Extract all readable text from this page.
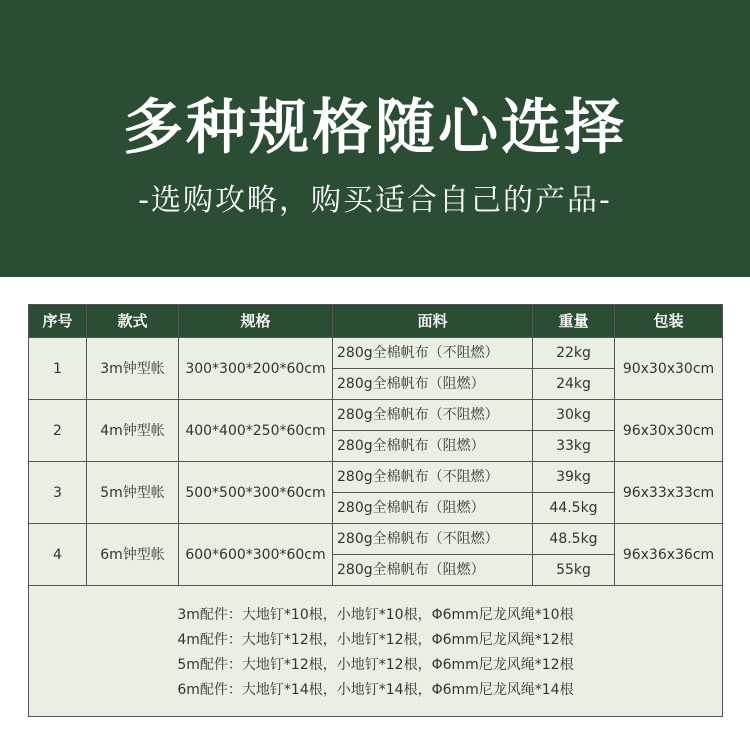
多种规格随心选择
-选购攻略，购买适合自己的产品-
序号	款式	规格	面料	重量	包装
1	3m钟型帐	300*300*200*60cm	280g全棉帆布（不阻燃）	22kg	90x30x30cm
			280g全棉帆布（阻燃）	24kg	
2	4m钟型帐	400*400*250*60cm	280g全棉帆布（不阻燃）	30kg	96x30x30cm
			280g全棉帆布（阻燃）	33kg	
3	5m钟型帐	500*500*300*60cm	280g全棉帆布（不阻燃）	39kg	96x33x33cm
			280g全棉帆布（阻燃）	44.5kg	
4	6m钟型帐	600*600*300*60cm	280g全棉帆布（不阻燃）	48.5kg	96x36x36cm
			280g全棉帆布（阻燃）	55kg	

3m配件：大地钉*10根，小地钉*10根，Φ6mm尼龙风绳*10根
4m配件：大地钉*12根，小地钉*12根，Φ6mm尼龙风绳*12根
5m配件：大地钉*12根，小地钉*12根，Φ6mm尼龙风绳*12根
6m配件：大地钉*14根，小地钉*14根，Φ6mm尼龙风绳*14根					
